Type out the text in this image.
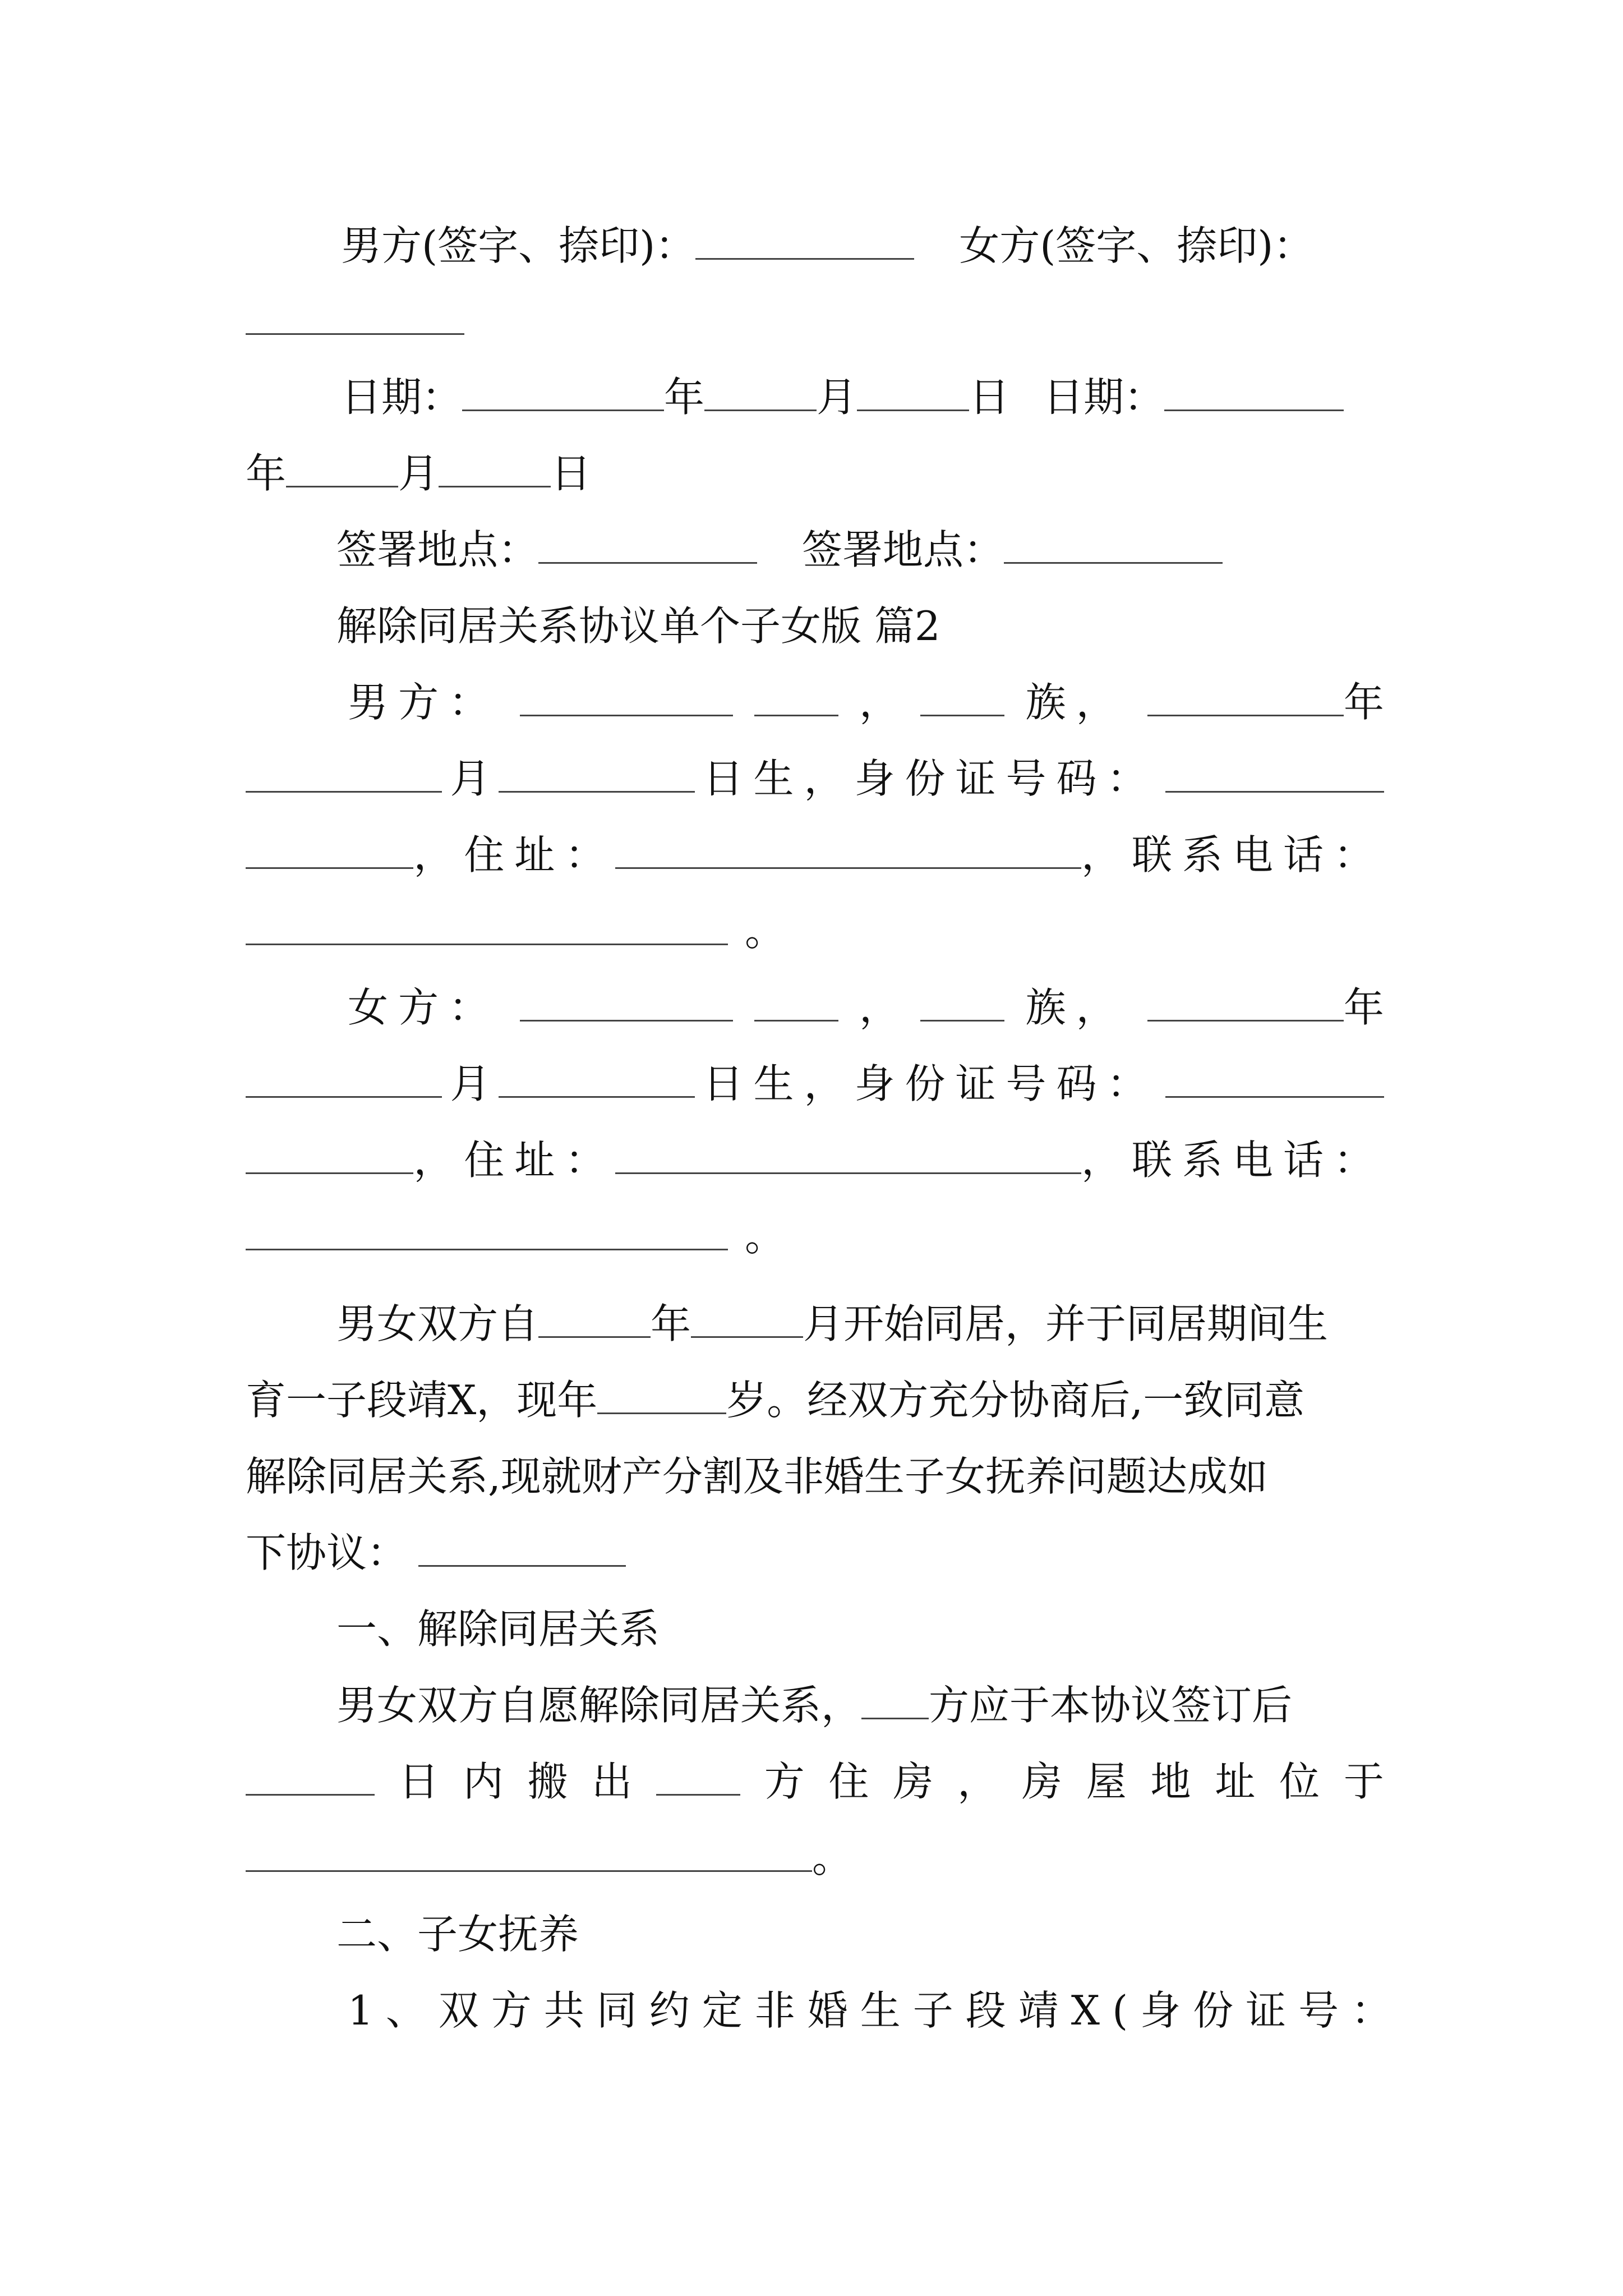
男方(签字、捺印)：	女方(签字、捺印)：
日期：	年	月	日 日期：
年	月	日
签署地点：	签署地点：
解除同居关系协议单个子女版 篇2
男方：	，	族，	年
月	日生，身份证号码：
，住址：	，联系电话：
。
女方：	，	族，	年
月	日生，身份证号码：
，住址：	，联系电话：
。
男女双方自	年	月开始同居，并于同居期间生
育一子段靖X，现年	岁。经双方充分协商后,一致同意
解除同居关系,现就财产分割及非婚生子女抚养问题达成如
下协议：
一、解除同居关系
男女双方自愿解除同居关系， 方应于本协议签订后
日 内 搬 出	方 住 房 ， 房 屋 地 址 位 于
。
二、子女抚养
1、双方共同约定非婚生子段靖X(身份证号：
